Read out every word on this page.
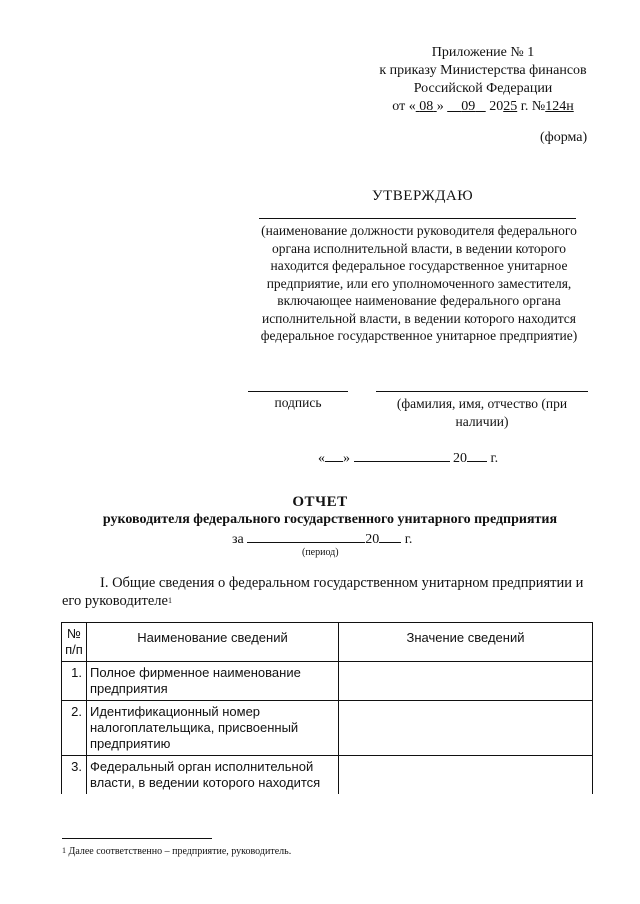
Приложение № 1
к приказу Министерства финансов
Российской Федерации
от « 08 » 09 2025 г. №124н
(форма)
УТВЕРЖДАЮ
(наименование должности руководителя федерального органа исполнительной власти, в ведении которого находится федеральное государственное унитарное предприятие, или его уполномоченного заместителя, включающее наименование федерального органа исполнительной власти, в ведении которого находится федеральное государственное унитарное предприятие)
подпись	(фамилия, имя, отчество (при наличии)
« »	20 г.
ОТЧЕТ
руководителя федерального государственного унитарного предприятия
за	20 г.
(период)
I. Общие сведения о федеральном государственном унитарном предприятии и его руководителе$^1$
№ п/п	Наименование сведений	Значение сведений
1.	Полное фирменное наименование предприятия	
2.	Идентификационный номер налогоплательщика, присвоенный предприятию	
3.	Федеральный орган исполнительной власти, в ведении которого находится	
$^1$ Далее соответственно – предприятие, руководитель.
